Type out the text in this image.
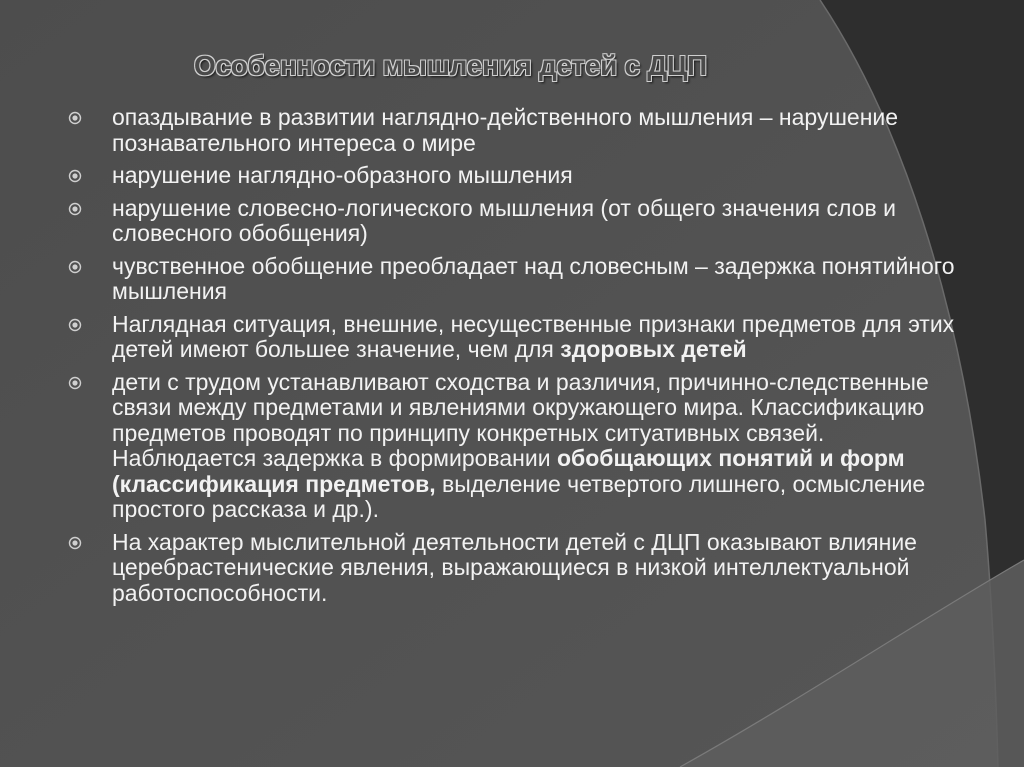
Особенности мышления детей с ДЦП
опаздывание в развитии наглядно-действенного мышления – нарушение познавательного интереса о мире
нарушение наглядно-образного мышления
нарушение словесно-логического мышления (от общего значения слов и словесного обобщения)
чувственное обобщение преобладает над словесным – задержка понятийного мышления
Наглядная ситуация, внешние, несущественные признаки предметов для этих детей имеют большее значение, чем для здоровых детей
дети с трудом устанавливают сходства и различия, причинно-следственные связи между предметами и явлениями окружающего мира. Классификацию предметов проводят по принципу конкретных ситуативных связей. Наблюдается задержка в формировании обобщающих понятий и форм (классификация предметов, выделение четвертого лишнего, осмысление простого рассказа и др.).
На характер мыслительной деятельности детей с ДЦП оказывают влияние церебрастенические явления, выражающиеся в низкой интеллектуальной работоспособности.
